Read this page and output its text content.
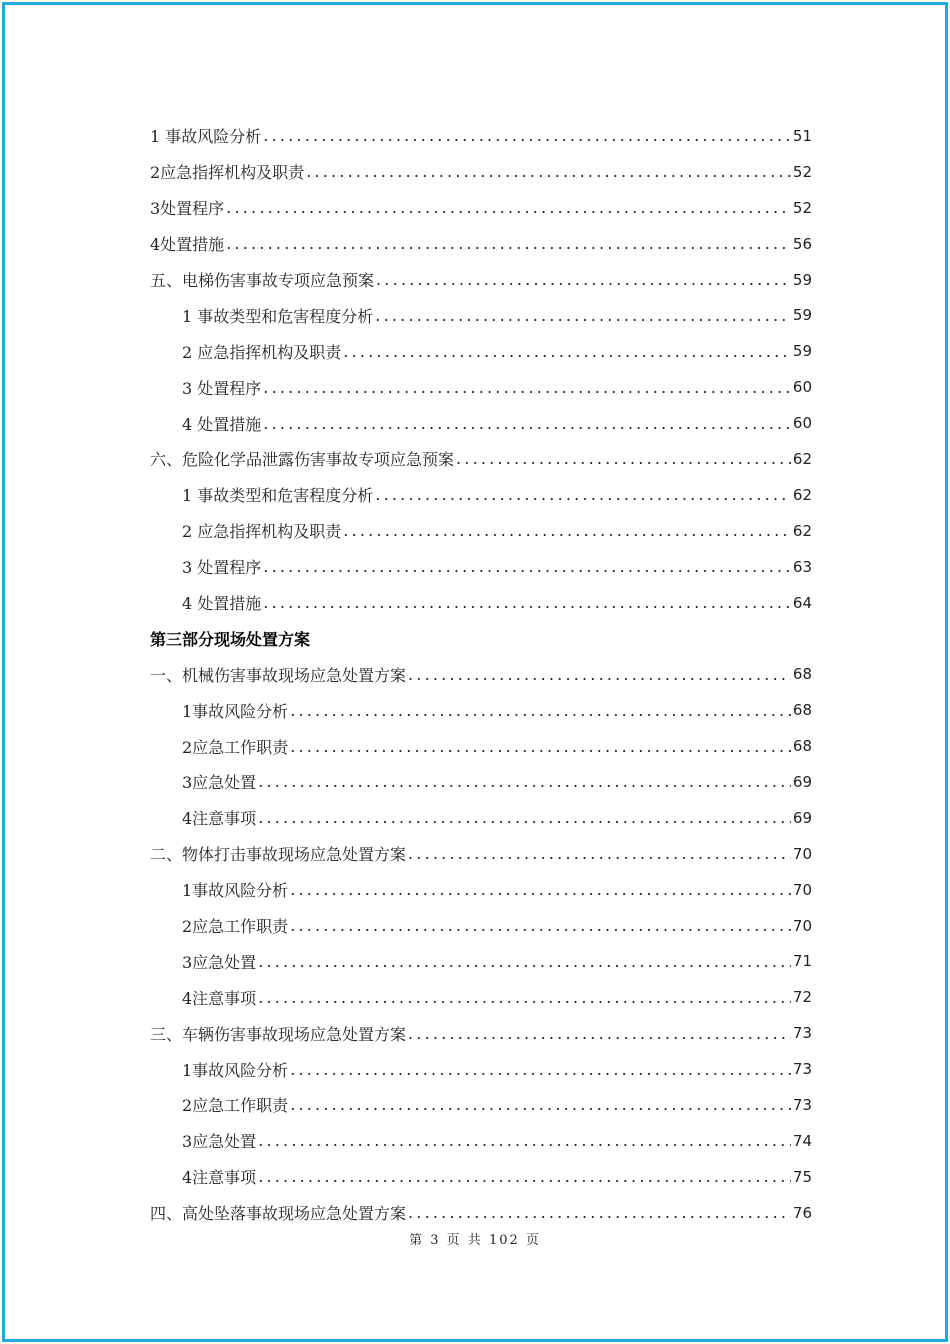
1 事故风险分析 .....	51
2应急指挥机构及职责 .....	52
3处置程序 .....	52
4处置措施 .....	56
五、电梯伤害事故专项应急预案 .....	59
1 事故类型和危害程度分析 .....	59
2 应急指挥机构及职责 .....	59
3 处置程序 .....	60
4 处置措施 .....	60
六、危险化学品泄露伤害事故专项应急预案 .....	62
1 事故类型和危害程度分析 .....	62
2 应急指挥机构及职责 .....	62
3 处置程序 .....	63
4 处置措施 .....	64
第三部分现场处置方案
一、机械伤害事故现场应急处置方案 .....	68
1事故风险分析 .....	68
2应急工作职责 .....	68
3应急处置 .....	69
4注意事项 .....	69
二、物体打击事故现场应急处置方案 .....	70
1事故风险分析 .....	70
2应急工作职责 .....	70
3应急处置 .....	71
4注意事项 .....	72
三、车辆伤害事故现场应急处置方案 .....	73
1事故风险分析 .....	73
2应急工作职责 .....	73
3应急处置 .....	74
4注意事项 .....	75
四、高处坠落事故现场应急处置方案 .....	76
第 3 页 共 102 页
